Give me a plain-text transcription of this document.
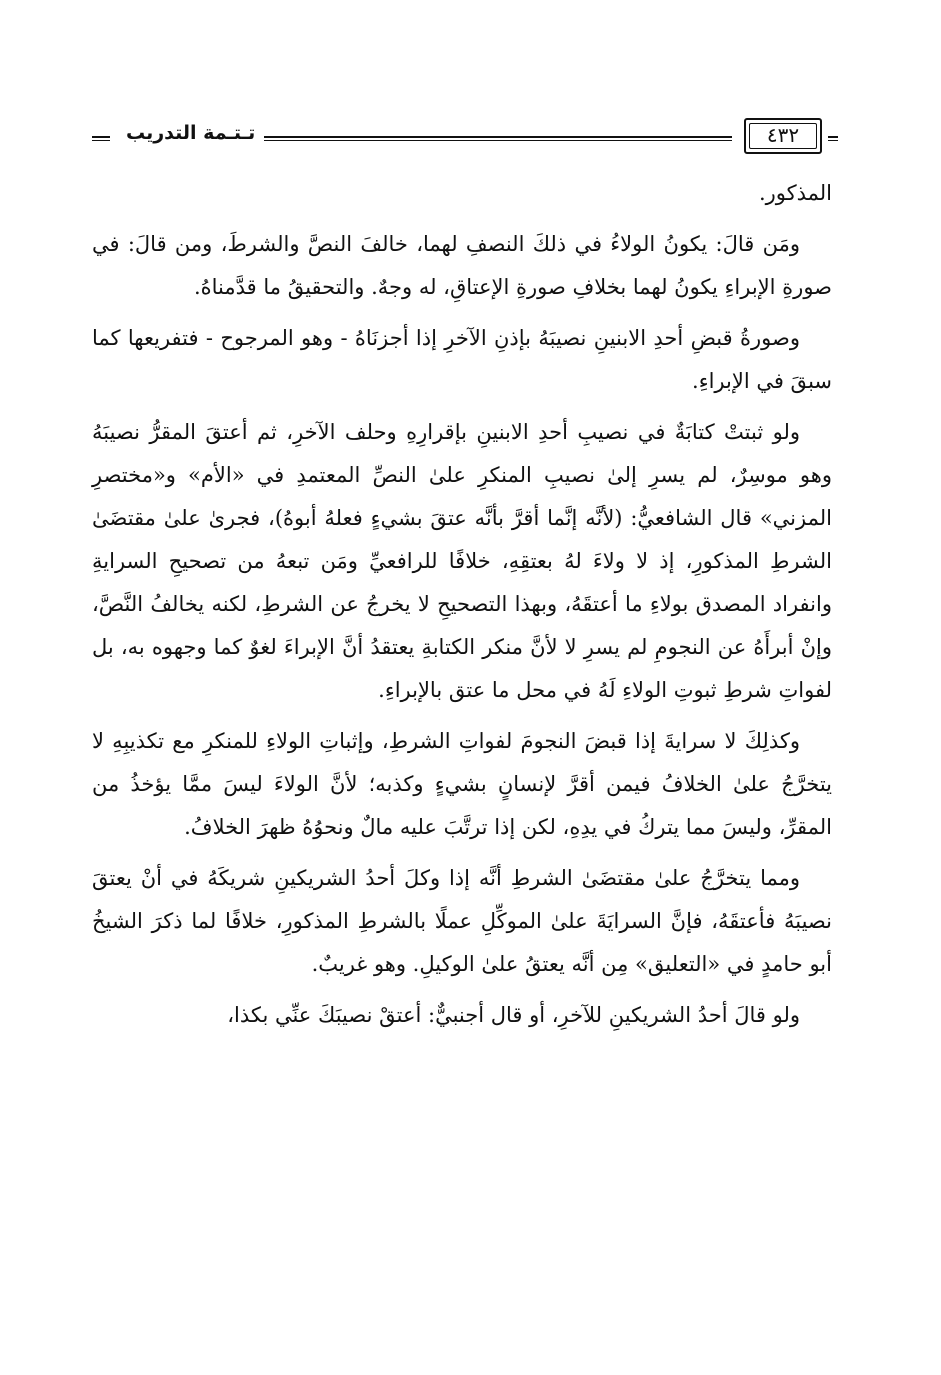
تـتـمة التدريب	٤٣٢

المذكور.

ومَن قالَ: يكونُ الولاءُ في ذلكَ النصفِ لهما، خالفَ النصَّ والشرطَ، ومن قالَ: في صورةِ الإبراءِ يكونُ لهما بخلافِ صورةِ الإعتاقِ، له وجهٌ. والتحقيقُ ما قدَّمناهُ.

وصورةُ قبضِ أحدِ الابنينِ نصيبَهُ بإذنِ الآخرِ إذا أجزنَاهُ - وهو المرجوح - فتفريعها كما سبقَ في الإبراءِ.

ولو ثبتتْ كتابَةٌ في نصيبِ أحدِ الابنينِ بإقرارِهِ وحلف الآخرِ، ثم أعتقَ المقرُّ نصيبَهُ وهو موسِرٌ، لم يسرِ إلىٰ نصيبِ المنكرِ علىٰ النصِّ المعتمدِ في «الأم» و«مختصرِ المزني» قال الشافعيُّ: (لأنَّه إنَّما أقرَّ بأنَّه عتقَ بشيءٍ فعلهُ أبوهُ)، فجرىٰ علىٰ مقتضَىٰ الشرطِ المذكورِ، إذ لا ولاءَ لهُ بعتقِهِ، خلافًا للرافعيِّ ومَن تبعهُ من تصحيحِ السرايةِ وانفراد المصدق بولاءِ ما أعتقَهُ، وبهذا التصحيحِ لا يخرجُ عن الشرطِ، لكنه يخالفُ النَّصَّ، وإنْ أبرأَهُ عن النجومِ لم يسرِ لا لأنَّ منكر الكتابةِ يعتقدُ أنَّ الإبراءَ لغوٌ كما وجهوه به، بل لفواتِ شرطِ ثبوتِ الولاءِ لَهُ في محل ما عتق بالإبراءِ.

وكذلِكَ لا سرايةَ إذا قبضَ النجومَ لفواتِ الشرطِ، وإثباتِ الولاءِ للمنكرِ مع تكذيبِهِ لا يتخرَّجُ علىٰ الخلافُ فيمن أقرَّ لإنسانٍ بشيءٍ وكذبه؛ لأنَّ الولاءَ ليسَ ممَّا يؤخذُ من المقرِّ، وليسَ مما يتركُ في يدِهِ، لكن إذا ترتَّبَ عليه مالٌ ونحوُهُ ظهرَ الخلافُ.

ومما يتخرَّجُ علىٰ مقتضَىٰ الشرطِ أنَّه إذا وكلَ أحدُ الشريكينِ شريكَهُ في أنْ يعتقَ نصيبَهُ فأعتقَهُ، فإنَّ السرايَةَ علىٰ الموكِّلِ عملًا بالشرطِ المذكورِ، خلافًا لما ذكرَ الشيخُ أبو حامدٍ في «التعليق» مِن أنَّه يعتقُ علىٰ الوكيلِ. وهو غريبٌ.

ولو قالَ أحدُ الشريكينِ للآخرِ، أو قال أجنبيٌّ: أعتقْ نصيبَكَ عنِّي بكذا،
